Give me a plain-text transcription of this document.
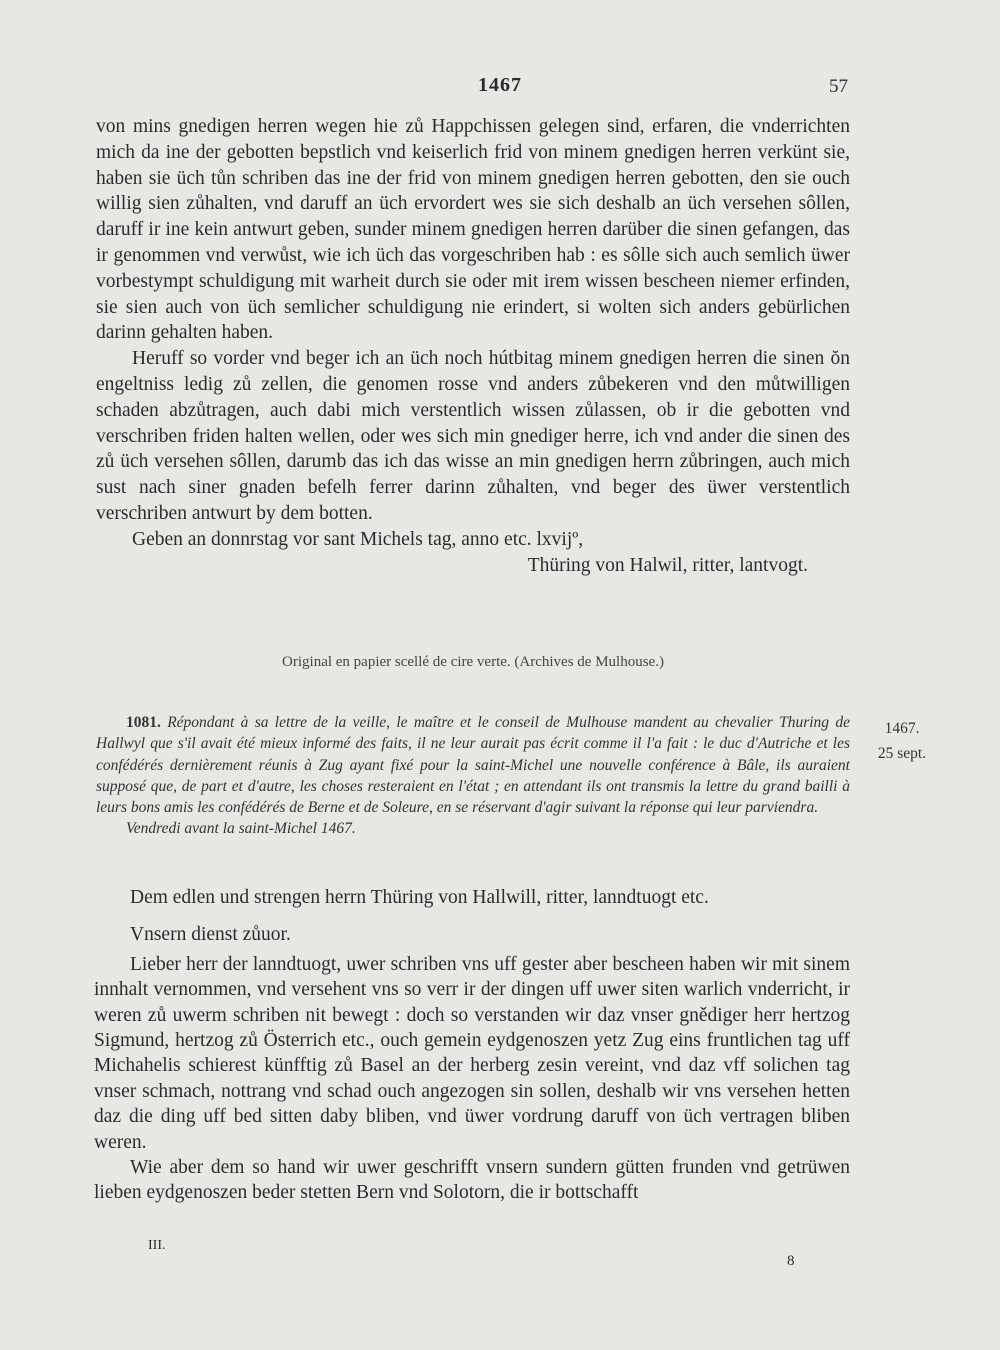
1467	57

von mins gnedigen herren wegen hie zů Happchissen gelegen sind, erfaren, die vnderrichten mich da ine der gebotten bepstlich vnd keiserlich frid von minem gnedigen herren verkünt sie, haben sie üch tůn schriben das ine der frid von minem gnedigen herren gebotten, den sie ouch willig sien zůhalten, vnd daruff an üch ervordert wes sie sich deshalb an üch versehen sôllen, daruff ir ine kein antwurt geben, sunder minem gnedigen herren darüber die sinen gefangen, das ir genommen vnd verwůst, wie ich üch das vorgeschriben hab : es sôlle sich auch semlich üwer vorbestympt schuldigung mit warheit durch sie oder mit irem wissen bescheen niemer erfinden, sie sien auch von üch semlicher schuldigung nie erindert, si wolten sich anders gebürlichen darinn gehalten haben.

Heruff so vorder vnd beger ich an üch noch hútbitag minem gnedigen herren die sinen ŏn engeltniss ledig zů zellen, die genomen rosse vnd anders zůbekeren vnd den můtwilligen schaden abzůtragen, auch dabi mich verstentlich wissen zůlassen, ob ir die gebotten vnd verschriben friden halten wellen, oder wes sich min gnediger herre, ich vnd ander die sinen des zů üch versehen sôllen, darumb das ich das wisse an min gnedigen herrn zůbringen, auch mich sust nach siner gnaden befelh ferrer darinn zůhalten, vnd beger des üwer verstentlich verschriben antwurt by dem botten.

Geben an donnrstag vor sant Michels tag, anno etc. lxvijº,

Thüring von Halwil, ritter, lantvogt.

Original en papier scellé de cire verte. (Archives de Mulhouse.)

1081. Répondant à sa lettre de la veille, le maître et le conseil de Mulhouse mandent au chevalier Thuring de Hallwyl que s'il avait été mieux informé des faits, il ne leur aurait pas écrit comme il l'a fait : le duc d'Autriche et les confédérés dernièrement réunis à Zug ayant fixé pour la saint-Michel une nouvelle conférence à Bâle, ils auraient supposé que, de part et d'autre, les choses resteraient en l'état ; en attendant ils ont transmis la lettre du grand bailli à leurs bons amis les confédérés de Berne et de Soleure, en se réservant d'agir suivant la réponse qui leur parviendra.

Vendredi avant la saint-Michel 1467.

1467.
25 sept.

Dem edlen und strengen herrn Thüring von Hallwill, ritter, lanndtuogt etc.

Vnsern dienst zůuor.

Lieber herr der lanndtuogt, uwer schriben vns uff gester aber bescheen haben wir mit sinem innhalt vernommen, vnd versehent vns so verr ir der dingen uff uwer siten warlich vnderricht, ir weren zů uwerm schriben nit bewegt : doch so verstanden wir daz vnser gnědiger herr hertzog Sigmund, hertzog zů Österrich etc., ouch gemein eydgenoszen yetz Zug eins fruntlichen tag uff Michahelis schierest künfftig zů Basel an der herberg zesin vereint, vnd daz vff solichen tag vnser schmach, nottrang vnd schad ouch angezogen sin sollen, deshalb wir vns versehen hetten daz die ding uff bed sitten daby bliben, vnd üwer vordrung daruff von üch vertragen bliben weren.

Wie aber dem so hand wir uwer geschrifft vnsern sundern gütten frunden vnd getrüwen lieben eydgenoszen beder stetten Bern vnd Solotorn, die ir bottschafft

III.
8
